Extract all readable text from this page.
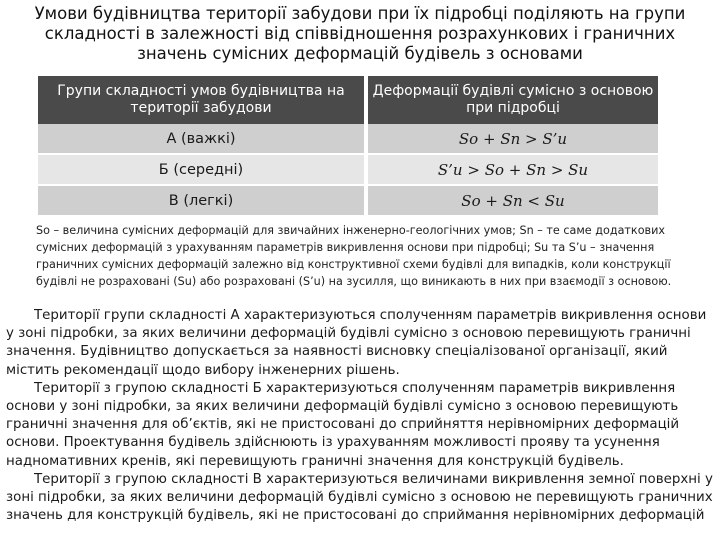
Умови будівництва території забудови при їх підробці поділяють на групи складності в залежності від співвідношення розрахункових і граничних значень сумісних деформацій будівель з основами
Групи складності умов будівництва на території забудови	Деформації будівлі сумісно з основою при підробці
А (важкі)	Sо + Sn > S’u
Б (середні)	S’u > Sо + Sn > Su
В (легкі)	Sо + Sn < Su
Sо – величина сумісних деформацій для звичайних інженерно-геологічних умов; Sn – те саме додаткових сумісних деформацій з урахуванням параметрів викривлення основи при підробці; Su та S’u – значення граничних сумісних деформацій залежно від конструктивної схеми будівлі для випадків, коли конструкції будівлі не розраховані (Su) або розраховані (S’u) на зусилля, що виникають в них при взаємодії з основою.

Території групи складності А характеризуються сполученням параметрів викривлення основи у зоні підробки, за яких величини деформацій будівлі сумісно з основою перевищують граничні значення. Будівництво допускається за наявності висновку спеціалізованої організації, який містить рекомендації щодо вибору інженерних рішень.

Території з групою складності Б характеризуються сполученням параметрів викривлення основи у зоні підробки, за яких величини деформацій будівлі сумісно з основою перевищують граничні значення для об’єктів, які не пристосовані до сприйняття нерівномірних деформацій основи. Проектування будівель здійснюють із урахуванням можливості прояву та усунення надномативних кренів, які перевищують граничні значення для конструкцій будівель.

Території з групою складності В характеризуються величинами викривлення земної поверхні у зоні підробки, за яких величини деформацій будівлі сумісно з основою не перевищують граничних значень для конструкцій будівель, які не пристосовані до сприймання нерівномірних деформацій
